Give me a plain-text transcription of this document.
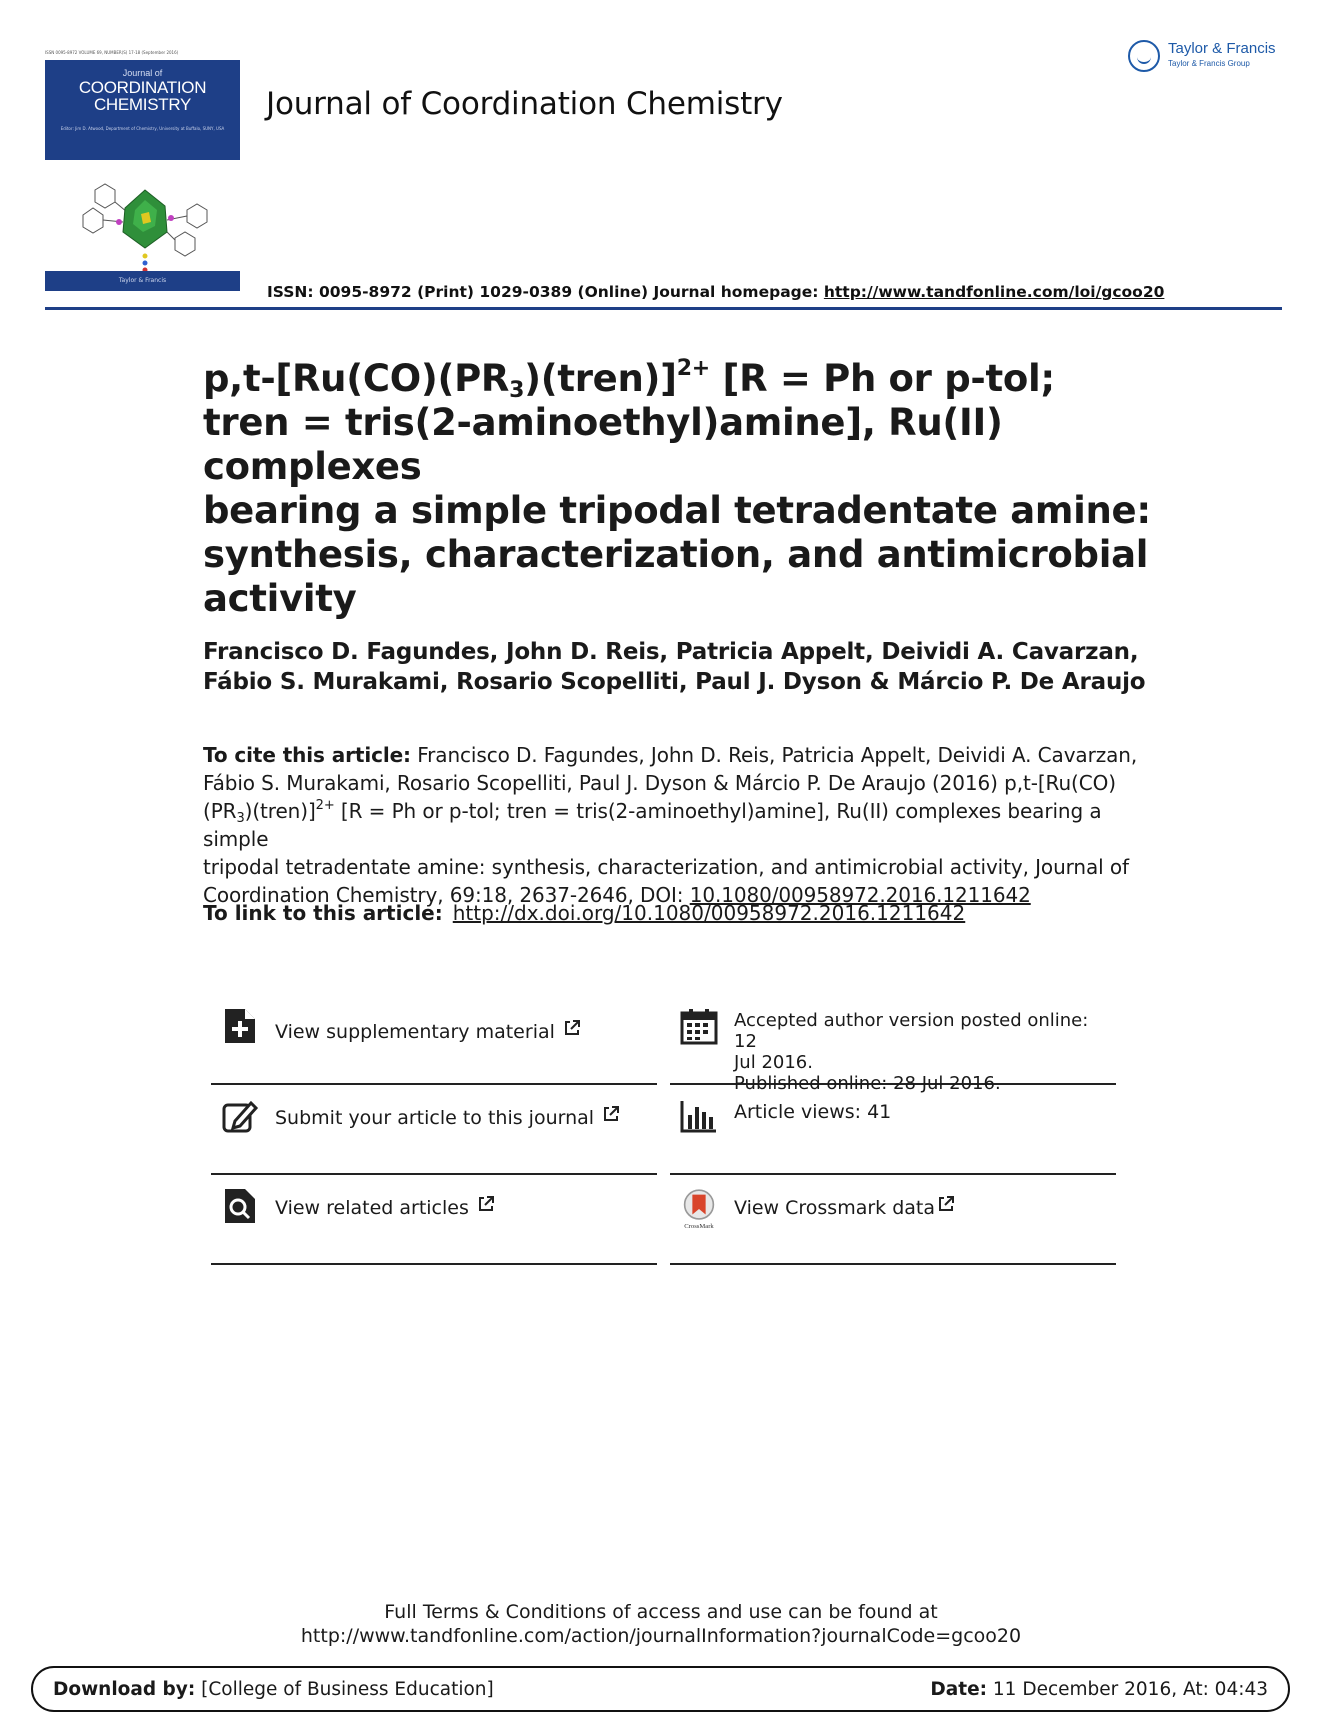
ISSN 0095-8972 VOLUME 69, NUMBER(S) 17-18 (September 2016)
Journal of
COORDINATION
CHEMISTRY
Editor: Jim D. Atwood, Department of Chemistry, University at Buffalo, SUNY, USA
Taylor & Francis
Journal of Coordination Chemistry
Taylor & Francis
Taylor & Francis Group
ISSN: 0095-8972 (Print) 1029-0389 (Online) Journal homepage: http://www.tandfonline.com/loi/gcoo20
$p,t-[Ru(CO)(PR_3)(tren)]^{2+}$ [R = Ph or p-tol;
tren = tris(2-aminoethyl)amine], Ru(II) complexes
bearing a simple tripodal tetradentate amine:
synthesis, characterization, and antimicrobial
activity
Francisco D. Fagundes, John D. Reis, Patricia Appelt, Deividi A. Cavarzan,
Fábio S. Murakami, Rosario Scopelliti, Paul J. Dyson & Márcio P. De Araujo
To cite this article: Francisco D. Fagundes, John D. Reis, Patricia Appelt, Deividi A. Cavarzan,
Fábio S. Murakami, Rosario Scopelliti, Paul J. Dyson & Márcio P. De Araujo (2016) p,t-[Ru(CO)
$(PR_3)(tren)]^{2+}$ [R = Ph or p-tol; tren = tris(2-aminoethyl)amine], Ru(II) complexes bearing a simple
tripodal tetradentate amine: synthesis, characterization, and antimicrobial activity, Journal of
Coordination Chemistry, 69:18, 2637-2646, DOI: 10.1080/00958972.2016.1211642
To link to this article: http://dx.doi.org/10.1080/00958972.2016.1211642
View supplementary material
Submit your article to this journal
View related articles
Accepted author version posted online: 12
Jul 2016.
Published online: 28 Jul 2016.
Article views: 41
CrossMark
View Crossmark data
Full Terms & Conditions of access and use can be found at
http://www.tandfonline.com/action/journalInformation?journalCode=gcoo20
Download by: [College of Business Education]	Date: 11 December 2016, At: 04:43
